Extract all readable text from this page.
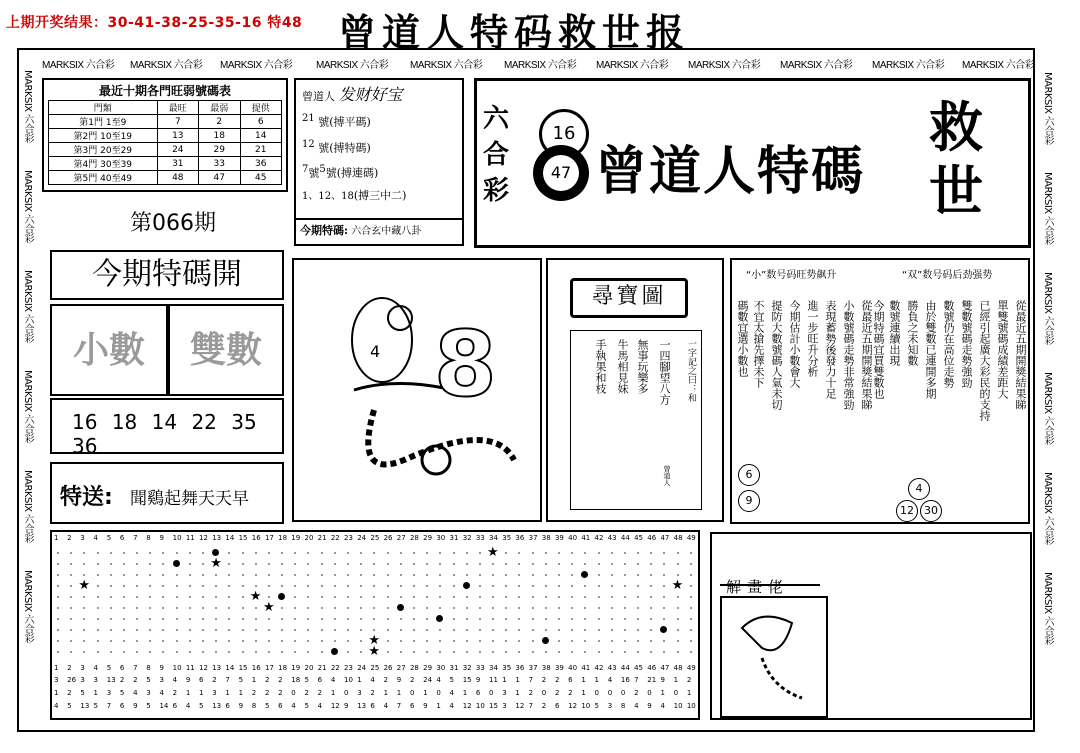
上期开奖结果：30-41-38-25-35-16 特48 曾道人特码救世报
MARKSIX 六合彩 MARKSIX 六合彩 MARKSIX 六合彩 MARKSIX 六合彩 MARKSIX 六合彩 MARKSIX 六合彩 MARKSIX 六合彩 MARKSIX 六合彩 MARKSIX 六合彩 MARKSIX 六合彩 MARKSIX 六合彩
MARKSIX 六合彩
MARKSIX 六合彩
MARKSIX 六合彩
MARKSIX 六合彩
MARKSIX 六合彩
MARKSIX 六合彩
MARKSIX 六合彩
MARKSIX 六合彩
MARKSIX 六合彩
MARKSIX 六合彩
MARKSIX 六合彩
MARKSIX 六合彩
最近十期各門旺弱號碼表
門類	最旺	最弱	提供
第1門 1至9	7	2	6
第2門 10至19	13	18	14
第3門 20至29	24	29	21
第4門 30至39	31	33	36
第5門 40至49	48	47	45
第066期
曾道人 发财好宝
21 號(搏平碼)
12 號(搏特碼)
7號5號(搏連碼)
1、12、18(搏三中二)
今期特碼: 六合玄中藏八卦
六
合
彩
16
47 曾道人特碼
救
世
今期特碼開
小數	雙數
16 18 14 22 35 36
特送: 聞鷄起舞天天早
4 8
尋寶圖
一字記之曰：和
一四腳望八方
無事玩樂多
牛馬相見妹
手執果和枝
曾道人
“小”数号码旺势飙升	“双”数号码后劲强势
從最近五期開獎結果睇
小數號碼走勢非常強勁
表現蓄勢後發力十足
進一步旺升分析
今期估計小數會大
提防大數號碼人氣未切
不宜太搶先擇未下
碼數宜選小數也	從最近五期開獎結果睇
單雙號碼成績差距大
已經引起廣大彩民的支持
雙數號碼走勢強勁
數號仍在高位走勢
由於雙數已連開多期
勝負之未知數
數號連續出現
今期特碼宜買雙數也
6
9
4
12 30
1 2 3 4 5 6 7 8 9 10 11 12 13 14 15 16 17 18 19 20 21 22 23 24 25 26 27 28 29 30 31 32 33 34 35 36 37 38 39 40 41 42 43 44 45 46 47 48 49
★
★
★
★
★
★
★
★
1 2 3 4 5 6 7 8 9 10 11 12 13 14 15 16 17 18 19 20 21 22 23 24 25 26 27 28 29 30 31 32 33 34 35 36 37 38 39 40 41 42 43 44 45 46 47 48 49
3 26 3 3 13 2 2 5 3 4 9 6 2 7 5 1 2 2 18 5 6 4 10 1 4 2 9 2 24 4 5 15 9 11 1 1 7 2 2 6 1 1 4 16 7 21 9 1 2
1 2 5 1 3 5 4 3 4 2 1 1 3 1 1 2 2 2 0 2 2 1 0 3 2 1 1 0 1 0 4 1 6 0 3 1 2 0 2 2 1 0 0 0 2 0 1 0 1
4 5 13 5 7 6 9 5 14 6 4 5 13 6 9 8 5 6 4 5 4 12 9 13 6 4 7 6 9 1 4 12 10 15 3 12 7 2 6 12 10 5 3 8 4 9 4 10 10
解畫佬
